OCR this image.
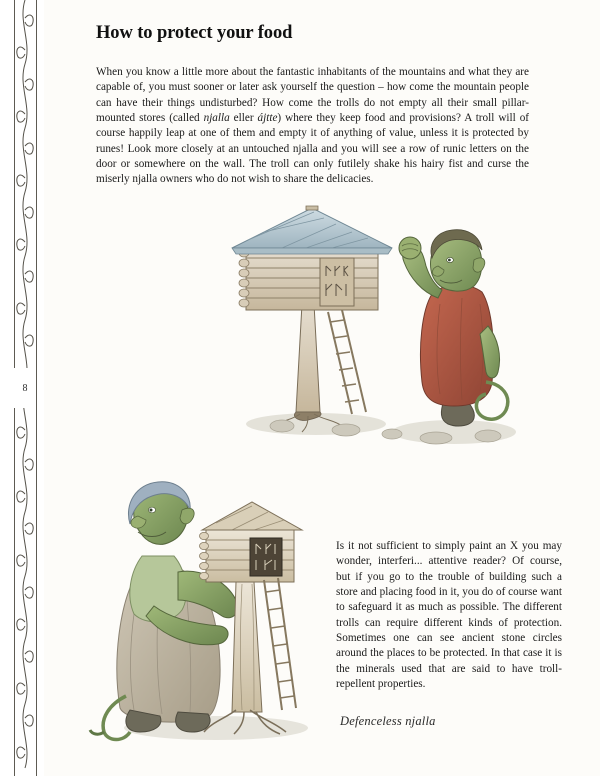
8
How to protect your food

When you know a little more about the fantastic inhabitants of the mountains and what they are capable of, you must sooner or later ask yourself the question – how come the mountain people can have their things undisturbed? How come the trolls do not empty all their small pillar-mounted stores (called njalla eller ájtte) where they keep food and provisions? A troll will of course happily leap at one of them and empty it of anything of value, unless it is protected by runes! Look more closely at an untouched njalla and you will see a row of runic letters on the door or somewhere on the wall. The troll can only futilely shake his hairy fist and curse the miserly njalla owners who do not wish to share the delicacies.

Is it not sufficient to simply paint an X you may wonder, interferi... attentive reader? Of course, but if you go to the trouble of building such a store and placing food in it, you do of course want to safeguard it as much as possible. The different trolls can require different kinds of protection. Sometimes one can see ancient stone circles around the places to be protected. In that case it is the minerals used that are said to have troll-repellent properties.

Defenceless njalla
